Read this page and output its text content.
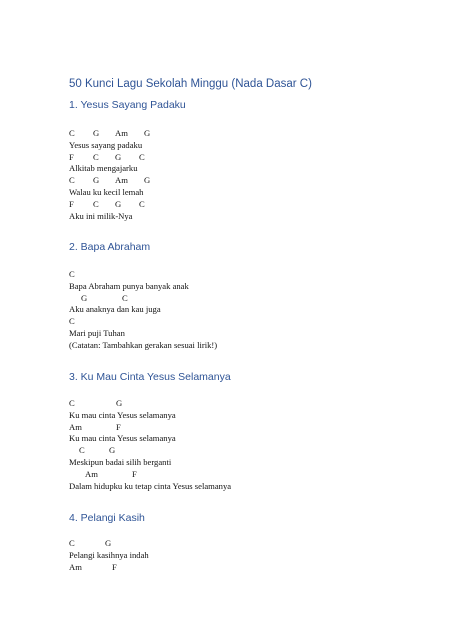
50 Kunci Lagu Sekolah Minggu (Nada Dasar C)
1. Yesus Sayang Padaku
C G Am G
Yesus sayang padaku
F C G C
Alkitab mengajarku
C G Am G
Walau ku kecil lemah
F C G C
Aku ini milik-Nya
2. Bapa Abraham
C
Bapa Abraham punya banyak anak
G	C
Aku anaknya dan kau juga
C
Mari puji Tuhan
(Catatan: Tambahkan gerakan sesuai lirik!)
3. Ku Mau Cinta Yesus Selamanya
C	G
Ku mau cinta Yesus selamanya
Am	F
Ku mau cinta Yesus selamanya
C	G
Meskipun badai silih berganti
Am	F
Dalam hidupku ku tetap cinta Yesus selamanya
4. Pelangi Kasih
C	G
Pelangi kasihnya indah
Am	F
